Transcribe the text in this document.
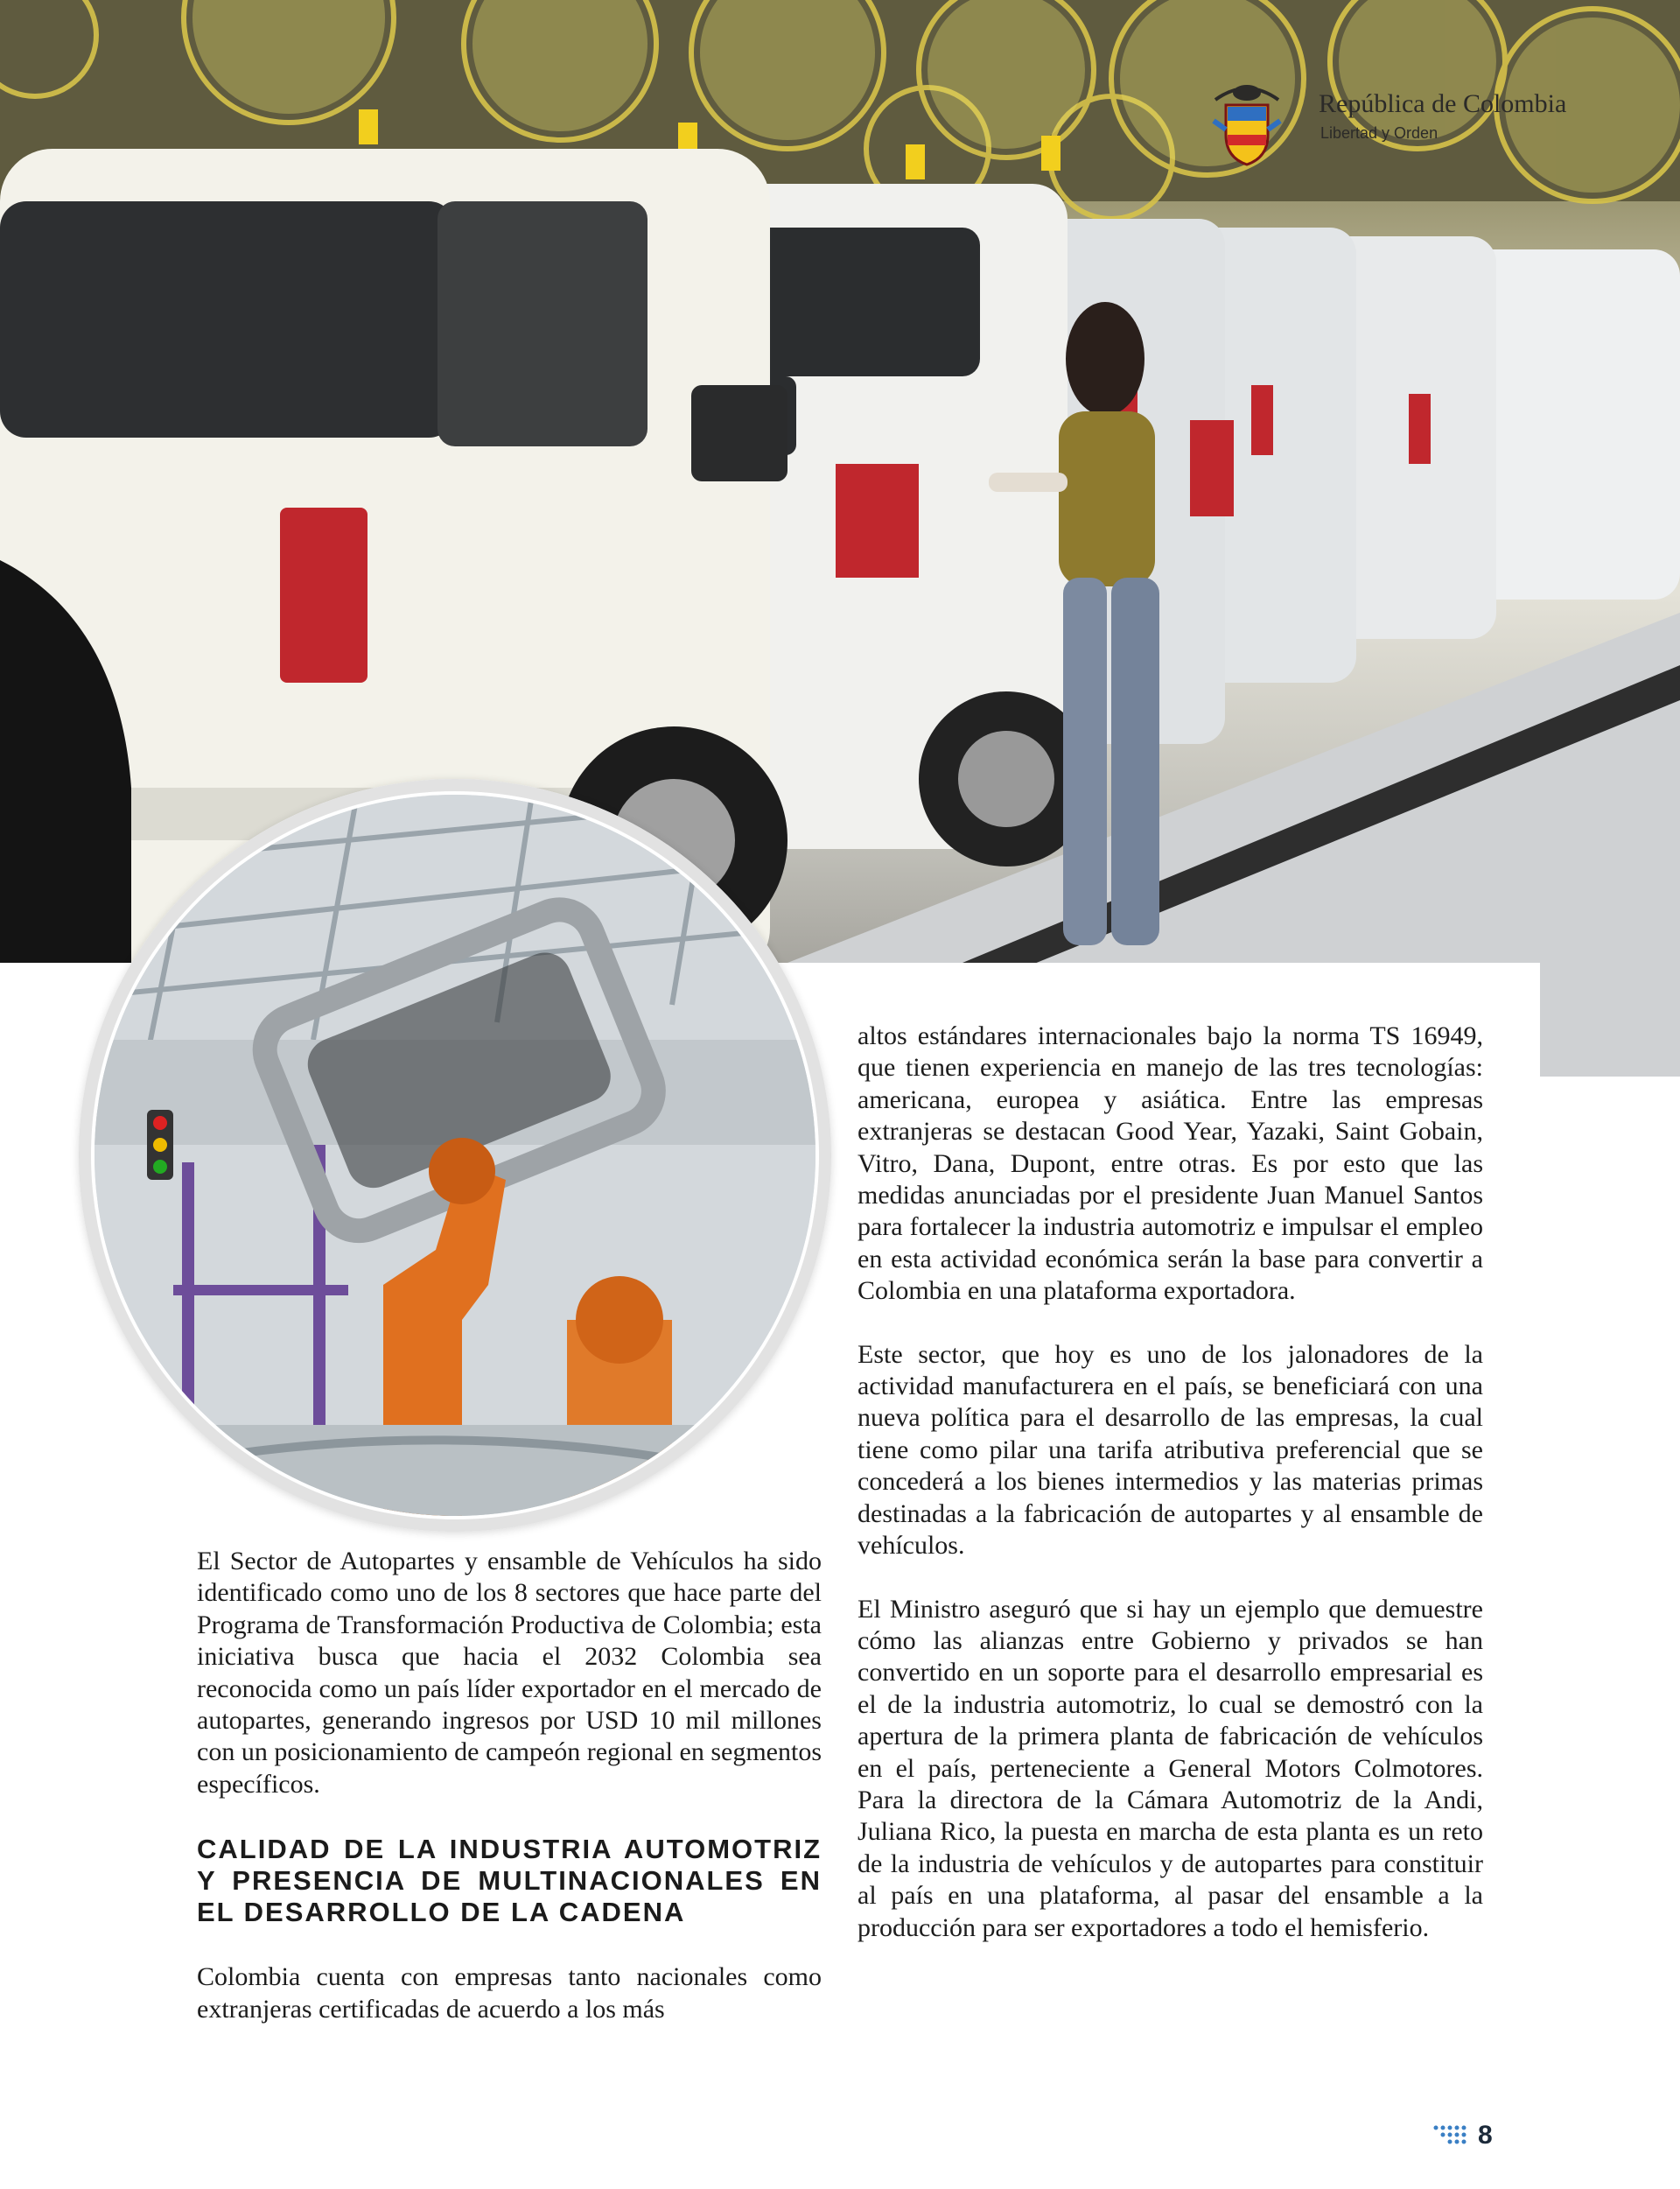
República de Colombia
Libertad y Orden

El Sector de Autopartes y ensamble de Vehículos ha sido identificado como uno de los 8 sectores que hace parte del Programa de Transformación Productiva de Colombia; esta iniciativa busca que hacia el 2032 Colombia sea reconocida como un país líder exportador en el mercado de autopartes, generando ingresos por USD 10 mil millones con un posicionamiento de campeón regional en segmentos específicos.

CALIDAD DE LA INDUSTRIA AUTOMOTRIZ Y PRESENCIA DE MULTINACIONALES EN EL DESARROLLO DE LA CADENA

Colombia cuenta con empresas tanto nacionales como extranjeras certificadas de acuerdo a los más

altos estándares internacionales bajo la norma TS 16949, que tienen experiencia en manejo de las tres tecnologías: americana, europea y asiática. Entre las empresas extranjeras se destacan Good Year, Yazaki, Saint Gobain, Vitro, Dana, Dupont, entre otras. Es por esto que las medidas anunciadas por el presidente Juan Manuel Santos para fortalecer la industria automotriz e impulsar el empleo en esta actividad económica serán la base para convertir a Colombia en una plataforma exportadora.

Este sector, que hoy es uno de los jalonadores de la actividad manufacturera en el país, se beneficiará con una nueva política para el desarrollo de las empresas, la cual tiene como pilar una tarifa atributiva preferencial que se concederá a los bienes intermedios y las materias primas destinadas a la fabricación de autopartes y al ensamble de vehículos.

El Ministro aseguró que si hay un ejemplo que demuestre cómo las alianzas entre Gobierno y privados se han convertido en un soporte para el desarrollo empresarial es el de la industria automotriz, lo cual se demostró con la apertura de la primera planta de fabricación de vehículos en el país, perteneciente a General Motors Colmotores. Para la directora de la Cámara Automotriz de la Andi, Juliana Rico, la puesta en marcha de esta planta es un reto de la industria de vehículos y de autopartes para constituir al país en una plataforma, al pasar del ensamble a la producción para ser exportadores a todo el hemisferio.

8
